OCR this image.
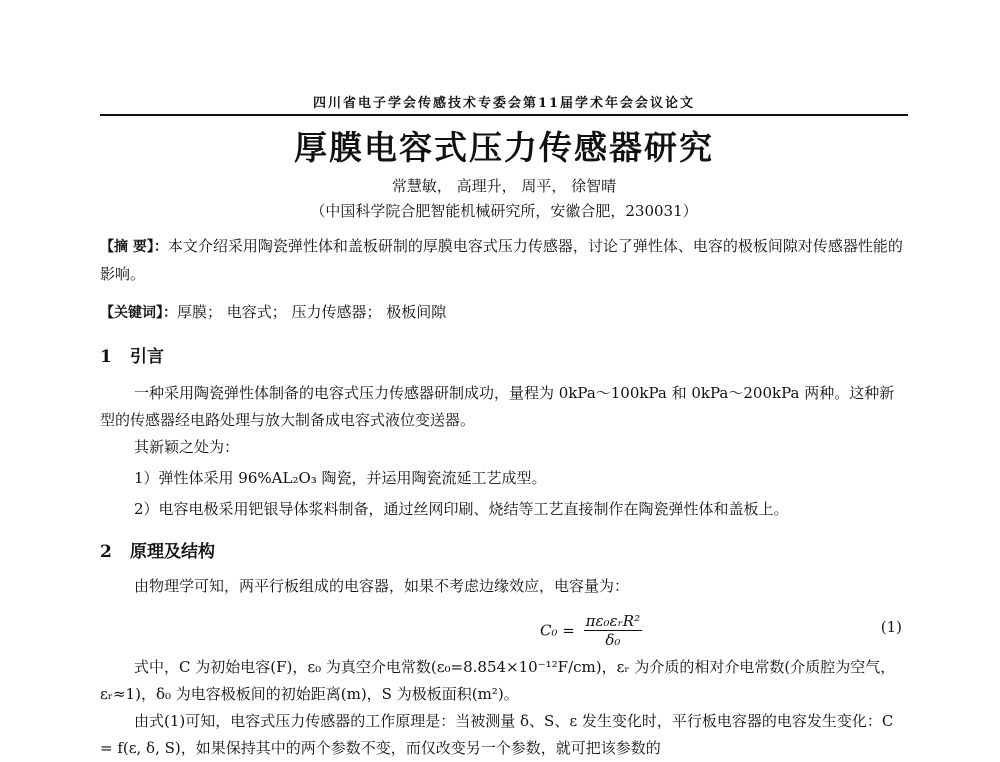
四川省电子学会传感技术专委会第11届学术年会会议论文
厚膜电容式压力传感器研究
常慧敏， 高理升， 周平， 徐智晴
（中国科学院合肥智能机械研究所，安徽合肥，230031）

【摘 要】：本文介绍采用陶瓷弹性体和盖板研制的厚膜电容式压力传感器，讨论了弹性体、电容的极板间隙对传感器性能的影响。

【关键词】：厚膜； 电容式； 压力传感器； 极板间隙

1 引言

一种采用陶瓷弹性体制备的电容式压力传感器研制成功，量程为 0kPa～100kPa 和 0kPa～200kPa 两种。这种新型的传感器经电路处理与放大制备成电容式液位变送器。

其新颖之处为：

1）弹性体采用 96%AL₂O₃ 陶瓷，并运用陶瓷流延工艺成型。

2）电容电极采用钯银导体浆料制备，通过丝网印刷、烧结等工艺直接制作在陶瓷弹性体和盖板上。

2 原理及结构

由物理学可知，两平行板组成的电容器，如果不考虑边缘效应，电容量为：

C₀ =
πε₀εᵣR²
δ₀
(1)

式中，C 为初始电容(F)，ε₀ 为真空介电常数(ε₀=8.854×10⁻¹²F/cm)，εᵣ 为介质的相对介电常数(介质腔为空气，εᵣ≈1)，δ₀ 为电容极板间的初始距离(m)，S 为极板面积(m²)。

由式(1)可知，电容式压力传感器的工作原理是：当被测量 δ、S、ε 发生变化时，平行板电容器的电容发生变化：C = f(ε, δ, S)，如果保持其中的两个参数不变，而仅改变另一个参数，就可把该参数的
